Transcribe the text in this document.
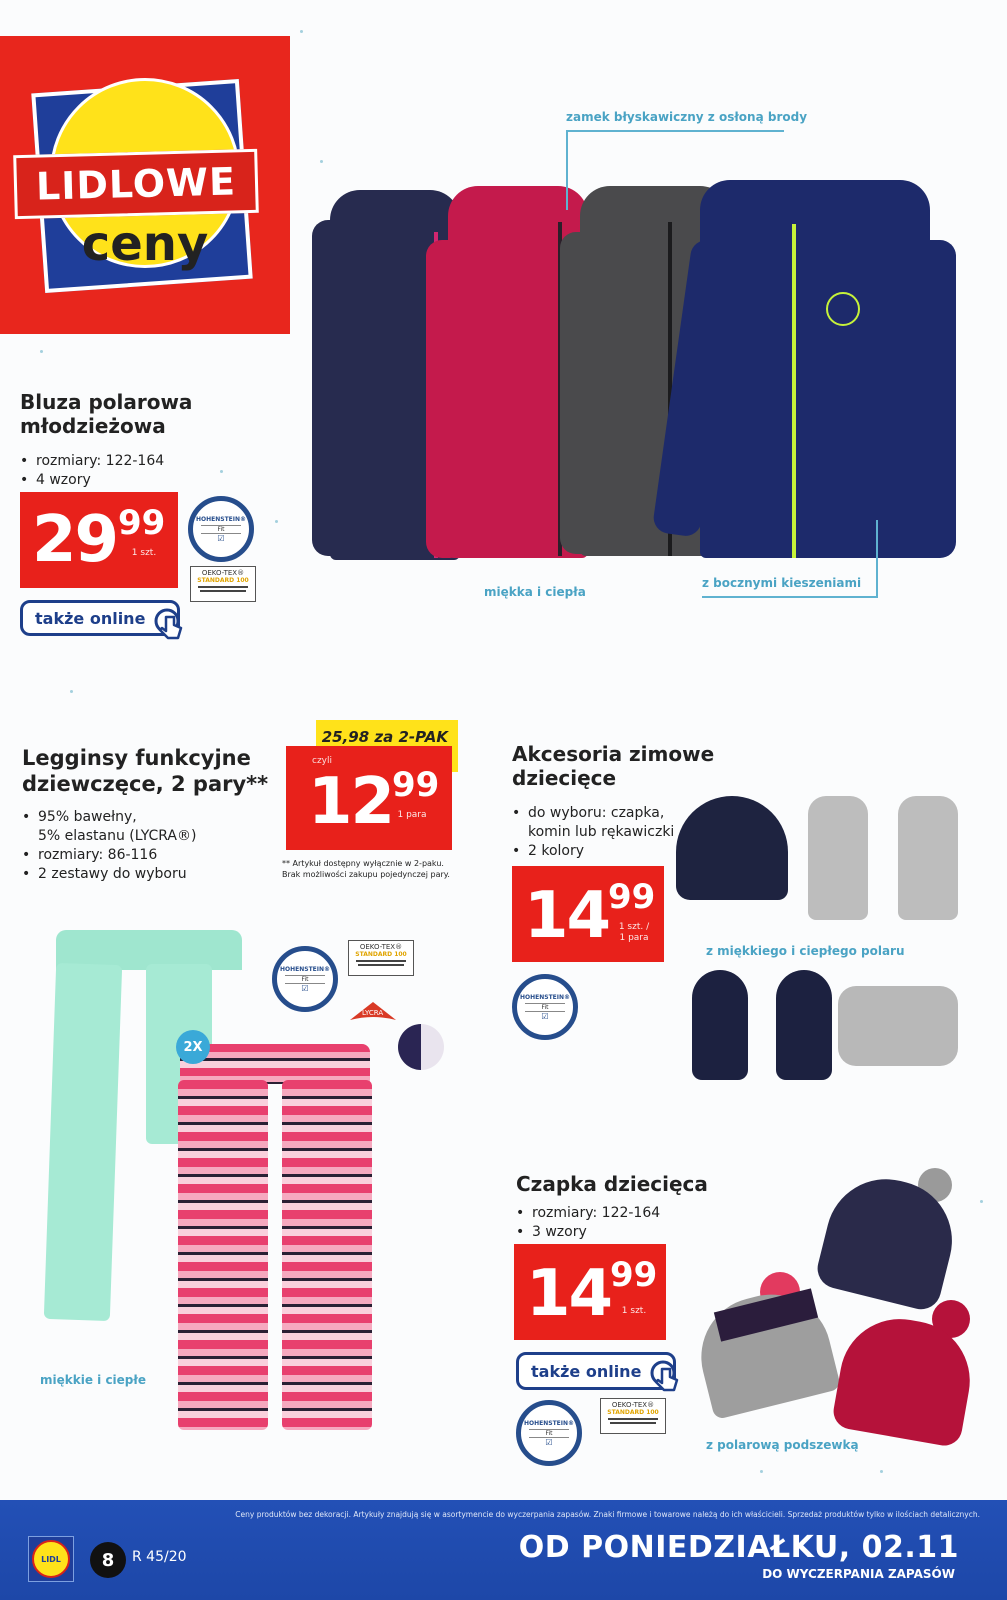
LIDLOWE
ceny
Bluza polarowa
młodzieżowa
• rozmiary: 122-164
• 4 wzory
29 99
1 szt.
HOHENSTEIN®
Fit
☑
OEKO-TEX®
STANDARD 100
także online
zamek błyskawiczny z osłoną brody
miękka i ciepła
z bocznymi kieszeniami
Legginsy funkcyjne
dziewczęce, 2 pary**
• 95% bawełny,
5% elastanu (LYCRA®)
• rozmiary: 86-116
• 2 zestawy do wyboru
25,98 za 2-PAK
czyli
12
99
1 para
** Artykuł dostępny wyłącznie w 2-paku.
Brak możliwości zakupu pojedynczej pary.
HOHENSTEIN®
Fit
☑
OEKO-TEX®
STANDARD 100
LYCRA
2X
miękkie i ciepłe
Akcesoria zimowe
dziecięce
• do wyboru: czapka,
komin lub rękawiczki
• 2 kolory
14
99
1 szt. /
1 para
HOHENSTEIN®
Fit
☑
z miękkiego i ciepłego polaru
Czapka dziecięca
• rozmiary: 122-164
• 3 wzory
14
99
1 szt.
także online
HOHENSTEIN®
Fit
☑
OEKO-TEX®
STANDARD 100
z polarową podszewką
Ceny produktów bez dekoracji. Artykuły znajdują się w asortymencie do wyczerpania zapasów. Znaki firmowe i towarowe należą do ich właścicieli. Sprzedaż produktów tylko w ilościach detalicznych.
LIDL	8	R 45/20	OD PONIEDZIAŁKU, 02.11
DO WYCZERPANIA ZAPASÓW
